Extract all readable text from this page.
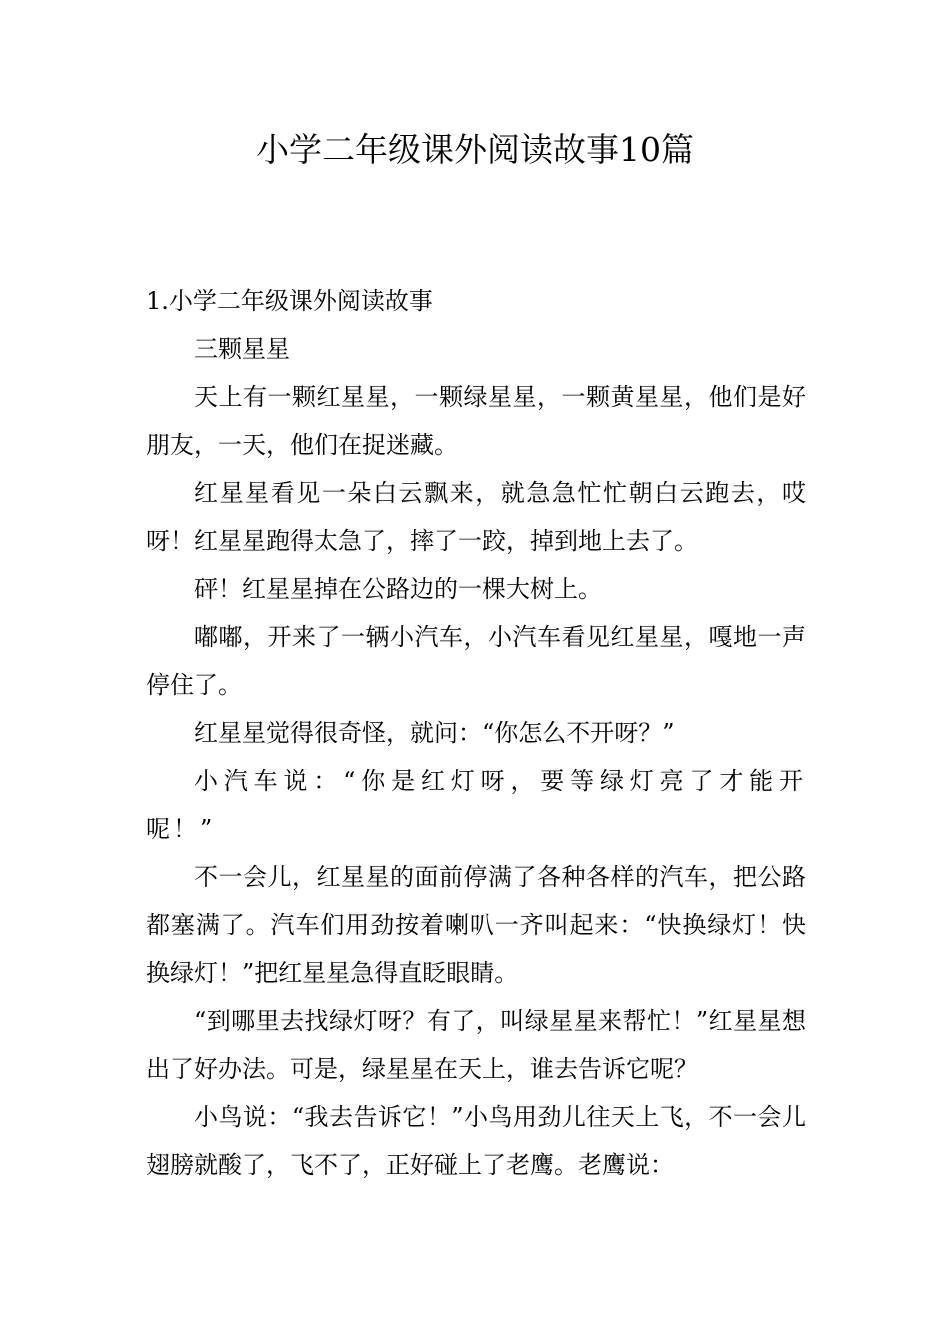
小学二年级课外阅读故事10篇

1.小学二年级课外阅读故事

三颗星星

天上有一颗红星星，一颗绿星星，一颗黄星星，他们是好朋友，一天，他们在捉迷藏。

红星星看见一朵白云飘来，就急急忙忙朝白云跑去，哎呀！红星星跑得太急了，摔了一跤，掉到地上去了。

砰！红星星掉在公路边的一棵大树上。

嘟嘟，开来了一辆小汽车，小汽车看见红星星，嘎地一声停住了。

红星星觉得很奇怪，就问：“你怎么不开呀？”

小汽车说：“你是红灯呀，要等绿灯亮了才能开呢！”

不一会儿，红星星的面前停满了各种各样的汽车，把公路都塞满了。汽车们用劲按着喇叭一齐叫起来：“快换绿灯！快换绿灯！”把红星星急得直眨眼睛。

“到哪里去找绿灯呀？有了，叫绿星星来帮忙！”红星星想出了好办法。可是，绿星星在天上，谁去告诉它呢？

小鸟说：“我去告诉它！”小鸟用劲儿往天上飞，不一会儿翅膀就酸了，飞不了，正好碰上了老鹰。老鹰说：
